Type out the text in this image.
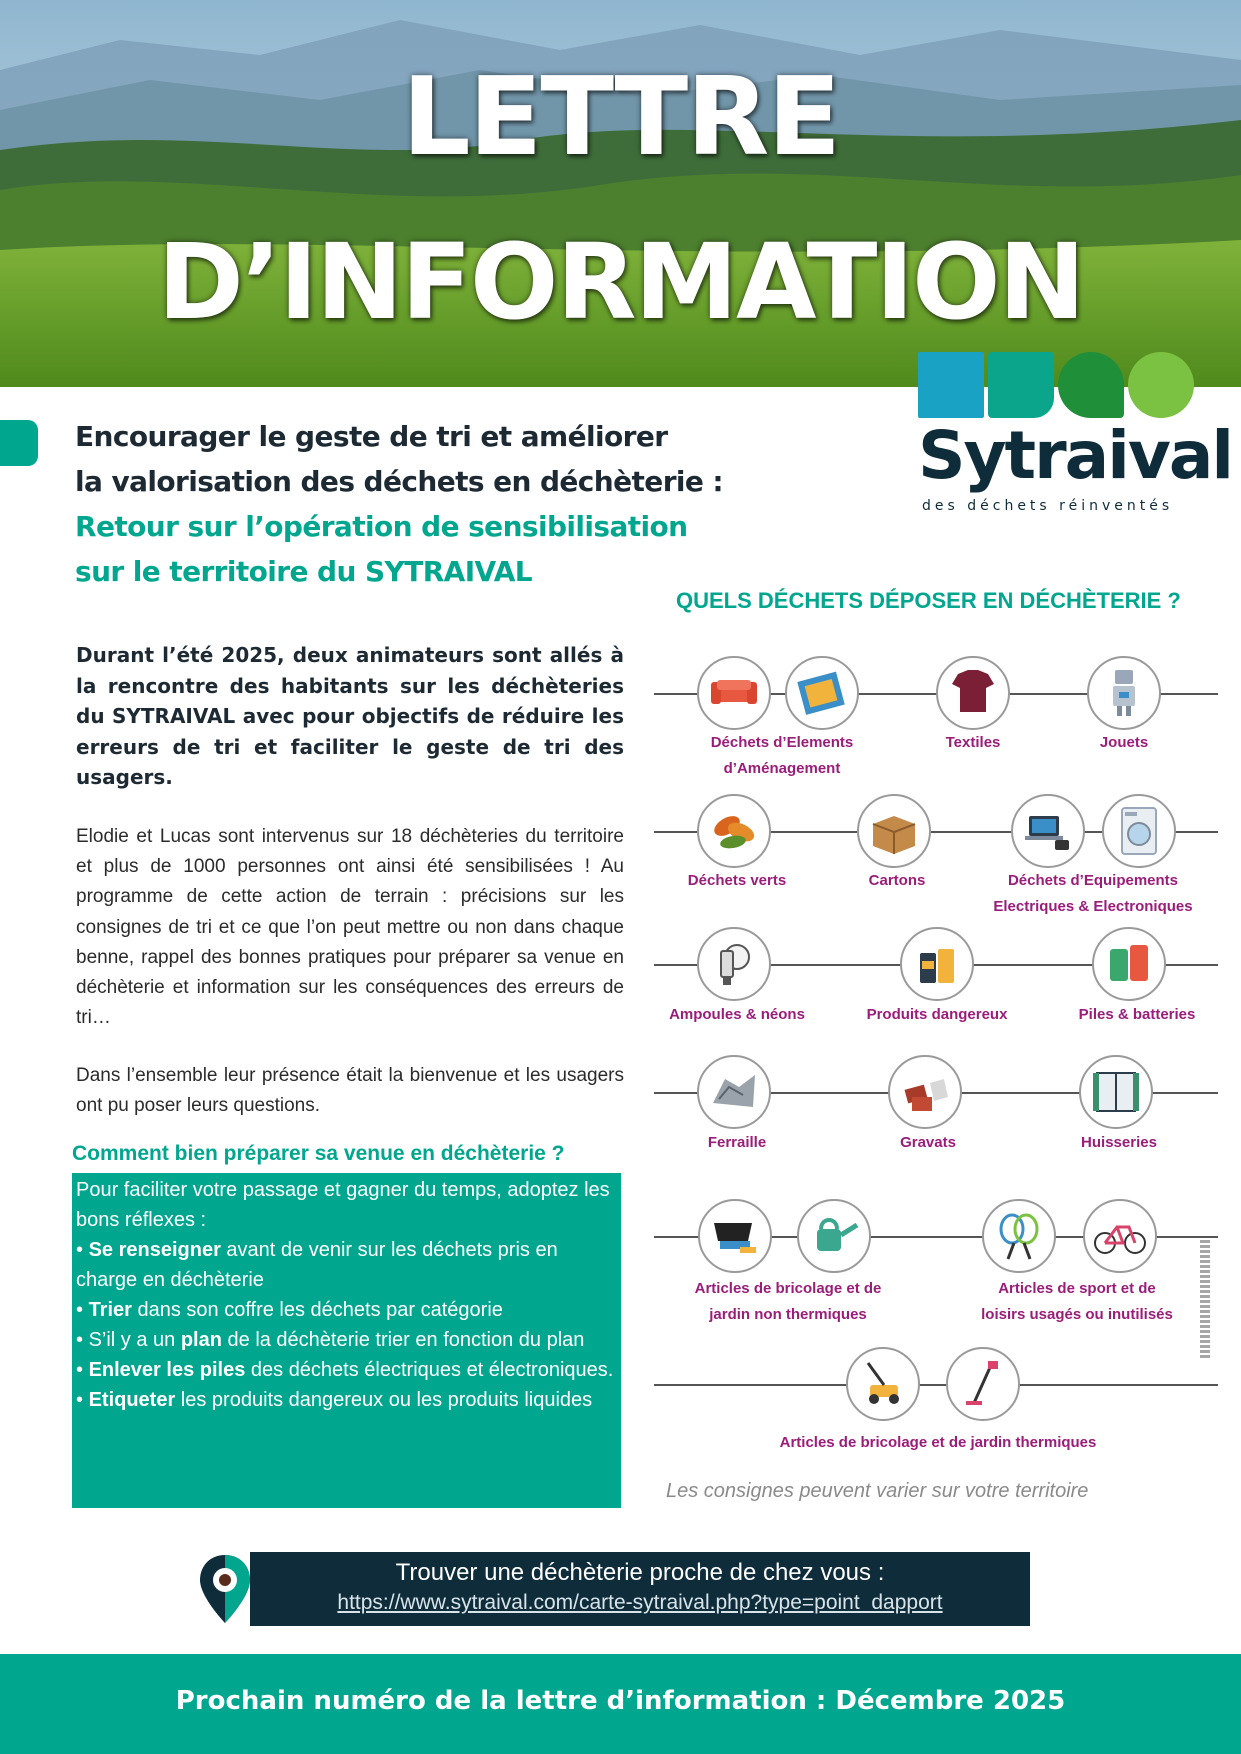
LETTRE
D’INFORMATION
Sytraival
des déchets réinventés
Encourager le geste de tri et améliorer
la valorisation des déchets en déchèterie :
Retour sur l’opération de sensibilisation
sur le territoire du SYTRAIVAL

Durant l’été 2025, deux animateurs sont allés à la rencontre des habitants sur les déchèteries du SYTRAIVAL avec pour objectifs de réduire les erreurs de tri et faciliter le geste de tri des usagers.

Elodie et Lucas sont intervenus sur 18 déchèteries du territoire et plus de 1000 personnes ont ainsi été sensibilisées ! Au programme de cette action de terrain : précisions sur les consignes de tri et ce que l’on peut mettre ou non dans chaque benne, rappel des bonnes pratiques pour préparer sa venue en déchèterie et information sur les conséquences des erreurs de tri…

Dans l’ensemble leur présence était la bienvenue et les usagers ont pu poser leurs questions.

Comment bien préparer sa venue en déchèterie ?
Pour faciliter votre passage et gagner du temps, adoptez les bons réflexes :
• Se renseigner avant de venir sur les déchets pris en charge en déchèterie
• Trier dans son coffre les déchets par catégorie
• S’il y a un plan de la déchèterie trier en fonction du plan
• Enlever les piles des déchets électriques et électroniques.
• Etiqueter les produits dangereux ou les produits liquides
QUELS DÉCHETS DÉPOSER EN DÉCHÈTERIE ?
Déchets d’Elements
d’Aménagement
Textiles	Jouets
Déchets verts	Cartons	Déchets d’Equipements
Electriques & Electroniques
Ampoules & néons	Produits dangereux	Piles & batteries
Ferraille	Gravats	Huisseries
Articles de bricolage et de
jardin non thermiques
Articles de sport et de
loisirs usagés ou inutilisés
Articles de bricolage et de jardin thermiques
Les consignes peuvent varier sur votre territoire
Trouver une déchèterie proche de chez vous :
https://www.sytraival.com/carte-sytraival.php?type=point_dapport
Prochain numéro de la lettre d’information : Décembre 2025
